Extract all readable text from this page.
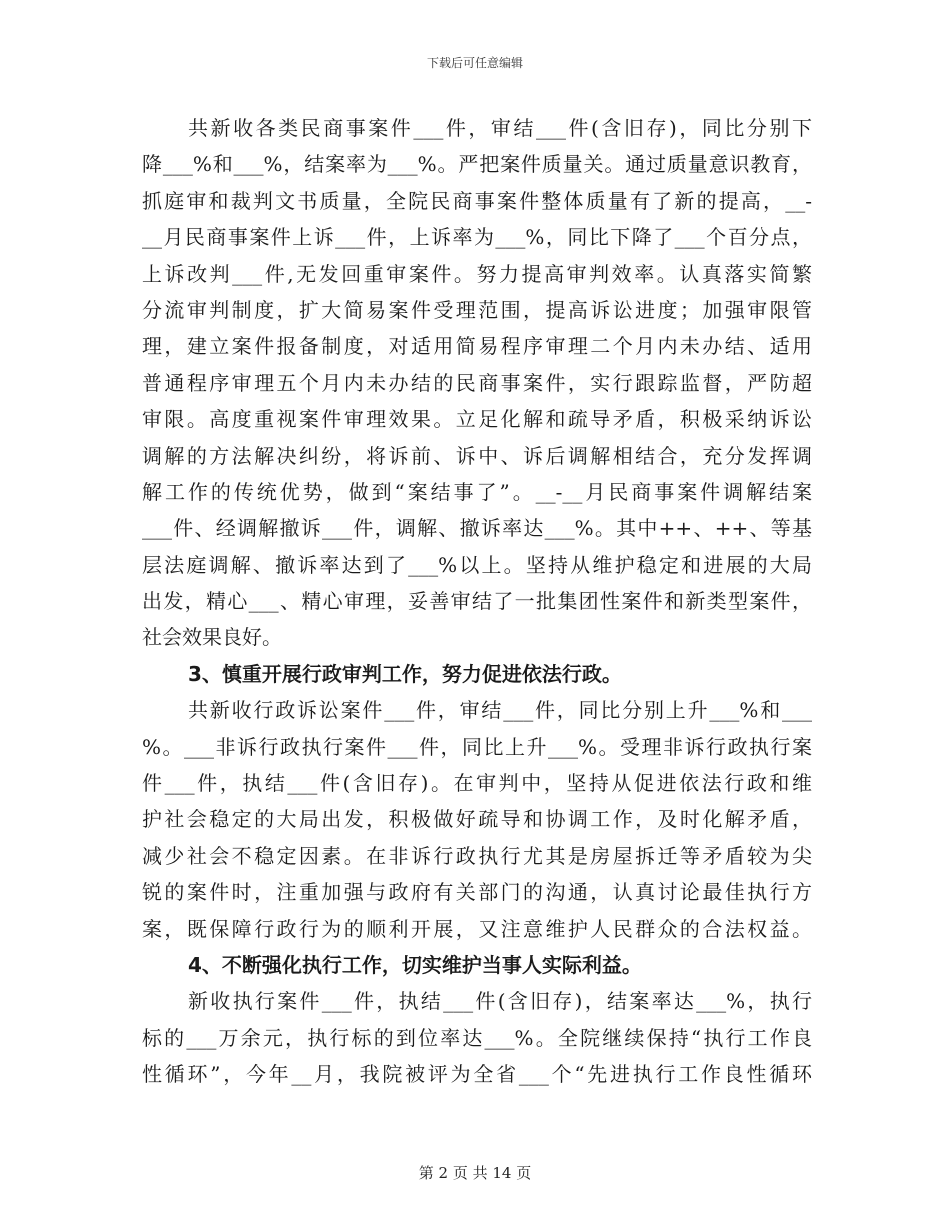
下载后可任意编辑
共新收各类民商事案件___件，审结___件(含旧存)，同比分别下
降___%和___%，结案率为___%。严把案件质量关。通过质量意识教育，
抓庭审和裁判文书质量，全院民商事案件整体质量有了新的提高，__-
__月民商事案件上诉___件，上诉率为___%，同比下降了___个百分点，
上诉改判___件,无发回重审案件。努力提高审判效率。认真落实简繁
分流审判制度，扩大简易案件受理范围，提高诉讼进度；加强审限管
理，建立案件报备制度，对适用简易程序审理二个月内未办结、适用
普通程序审理五个月内未办结的民商事案件，实行跟踪监督，严防超
审限。高度重视案件审理效果。立足化解和疏导矛盾，积极采纳诉讼
调解的方法解决纠纷，将诉前、诉中、诉后调解相结合，充分发挥调
解工作的传统优势，做到“案结事了”。__-__月民商事案件调解结案
___件、经调解撤诉___件，调解、撤诉率达___%。其中++、++、等基
层法庭调解、撤诉率达到了___%以上。坚持从维护稳定和进展的大局
出发，精心___、精心审理，妥善审结了一批集团性案件和新类型案件，
社会效果良好。
3、慎重开展行政审判工作，努力促进依法行政。
共新收行政诉讼案件___件，审结___件，同比分别上升___%和___
%。___非诉行政执行案件___件，同比上升___%。受理非诉行政执行案
件___件，执结___件(含旧存)。在审判中，坚持从促进依法行政和维
护社会稳定的大局出发，积极做好疏导和协调工作，及时化解矛盾，
减少社会不稳定因素。在非诉行政执行尤其是房屋拆迁等矛盾较为尖
锐的案件时，注重加强与政府有关部门的沟通，认真讨论最佳执行方
案，既保障行政行为的顺利开展，又注意维护人民群众的合法权益。
4、不断强化执行工作，切实维护当事人实际利益。
新收执行案件___件，执结___件(含旧存)，结案率达___%，执行
标的___万余元，执行标的到位率达___%。全院继续保持“执行工作良
性循环”，今年__月，我院被评为全省___个“先进执行工作良性循环
第 2 页 共 14 页
